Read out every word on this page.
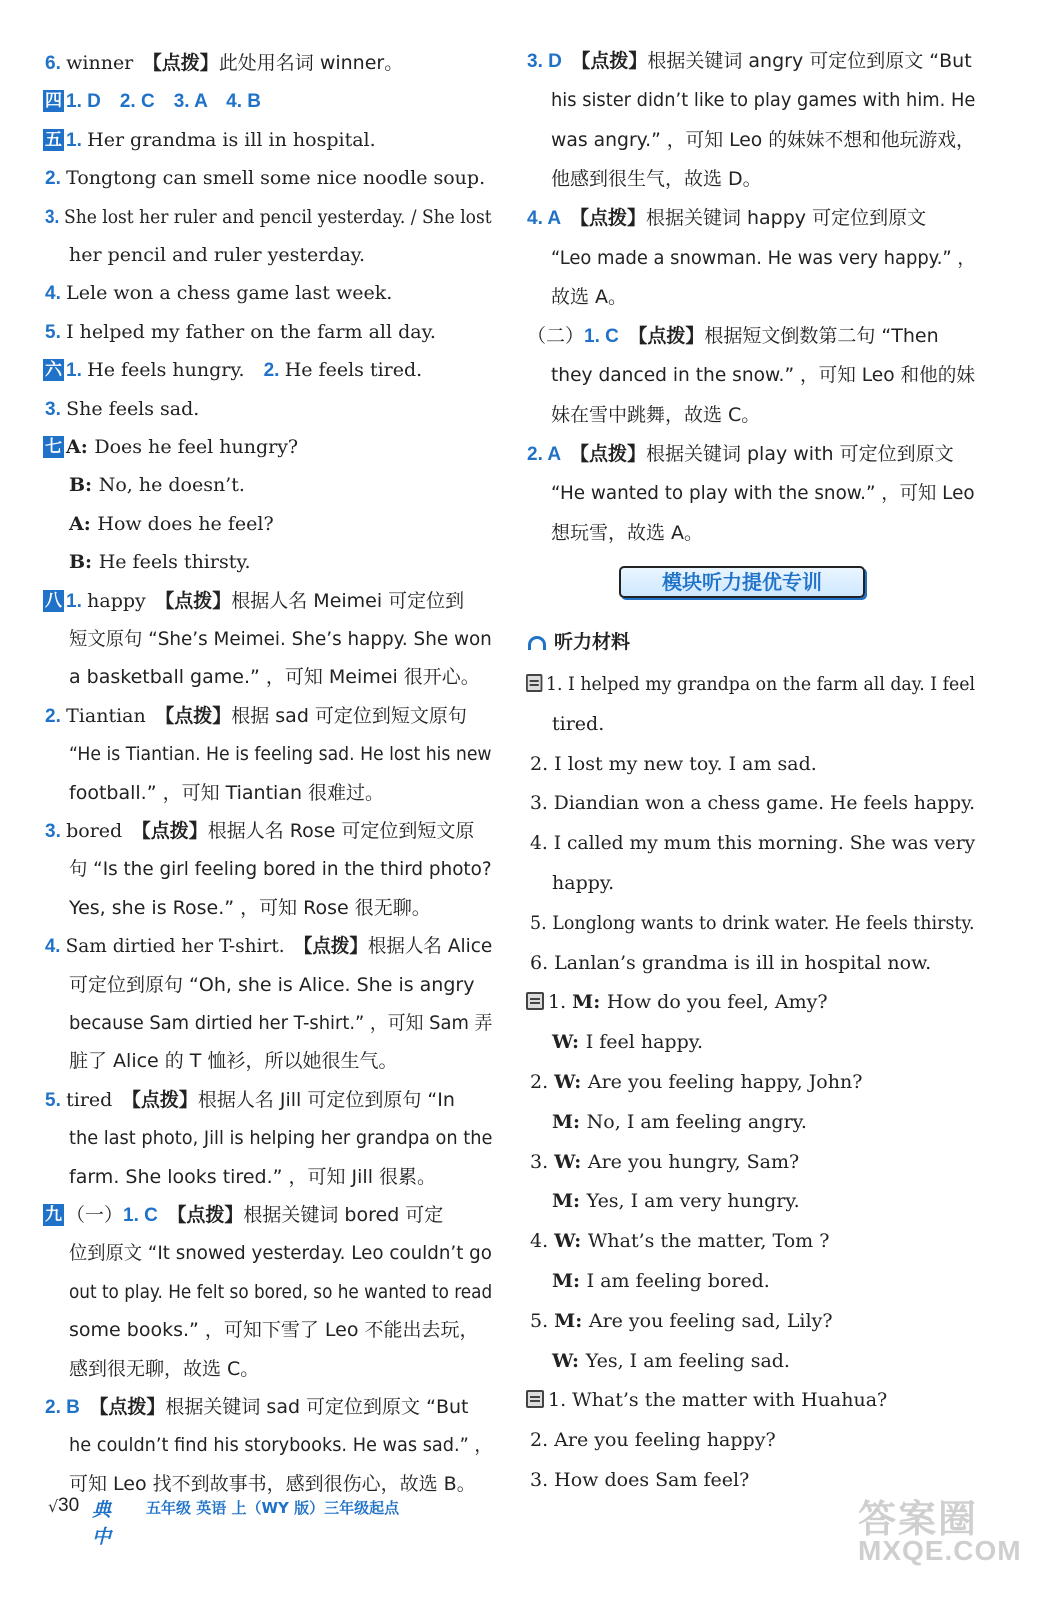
6. winner　【点拨】此处用名词 winner。
四 1. D　2. C　3. A　4. B
五 1. Her grandma is ill in hospital.
2. Tongtong can smell some nice noodle soup.
3. She lost her ruler and pencil yesterday. / She lost
her pencil and ruler yesterday.
4. Lele won a chess game last week.
5. I helped my father on the farm all day.
六 1. He feels hungry.　2. He feels tired.
3. She feels sad.
七 A: Does he feel hungry?
B: No, he doesn’t.
A: How does he feel?
B: He feels thirsty.
八 1. happy　【点拨】根据人名 Meimei 可定位到
短文原句 “She’s Meimei. She’s happy. She won
a basketball game.” ，可知 Meimei 很开心。
2. Tiantian　【点拨】根据 sad 可定位到短文原句
“He is Tiantian. He is feeling sad. He lost his new
football.” ，可知 Tiantian 很难过。
3. bored　【点拨】根据人名 Rose 可定位到短文原
句 “Is the girl feeling bored in the third photo?
Yes, she is Rose.” ，可知 Rose 很无聊。
4. Sam dirtied her T-shirt.　【点拨】根据人名 Alice
可定位到原句 “Oh, she is Alice. She is angry
because Sam dirtied her T-shirt.” ，可知 Sam 弄
脏了 Alice 的 T 恤衫，所以她很生气。
5. tired　【点拨】根据人名 Jill 可定位到原句 “In
the last photo, Jill is helping her grandpa on the
farm. She looks tired.” ，可知 Jill 很累。
九 （一）1. C　【点拨】根据关键词 bored 可定
位到原文 “It snowed yesterday. Leo couldn’t go
out to play. He felt so bored, so he wanted to read
some books.” ，可知下雪了 Leo 不能出去玩，
感到很无聊，故选 C。
2. B　【点拨】根据关键词 sad 可定位到原文 “But
he couldn’t find his storybooks. He was sad.” ，
可知 Leo 找不到故事书，感到很伤心，故选 B。
3. D　【点拨】根据关键词 angry 可定位到原文 “But
his sister didn’t like to play games with him. He
was angry.” ，可知 Leo 的妹妹不想和他玩游戏，
他感到很生气，故选 D。
4. A　【点拨】根据关键词 happy 可定位到原文
“Leo made a snowman. He was very happy.” ，
故选 A。
（二）1. C　【点拨】根据短文倒数第二句 “Then
they danced in the snow.” ，可知 Leo 和他的妹
妹在雪中跳舞，故选 C。
2. A　【点拨】根据关键词 play with 可定位到原文
“He wanted to play with the snow.” ，可知 Leo
想玩雪，故选 A。
模块听力提优专训
听力材料
1. I helped my grandpa on the farm all day. I feel
tired.
2. I lost my new toy. I am sad.
3. Diandian won a chess game. He feels happy.
4. I called my mum this morning. She was very
happy.
5. Longlong wants to drink water. He feels thirsty.
6. Lanlan’s grandma is ill in hospital now.
1. M: How do you feel, Amy?
W: I feel happy.
2. W: Are you feeling happy, John?
M: No, I am feeling angry.
3. W: Are you hungry, Sam?
M: Yes, I am very hungry.
4. W: What’s the matter, Tom ?
M: I am feeling bored.
5. M: Are you feeling sad, Lily?
W: Yes, I am feeling sad.
1. What’s the matter with Huahua?
2. Are you feeling happy?
3. How does Sam feel?
√ 30 典中
五年级 英语 上（WY 版）三年级起点	答案圈
MXQE.COM
